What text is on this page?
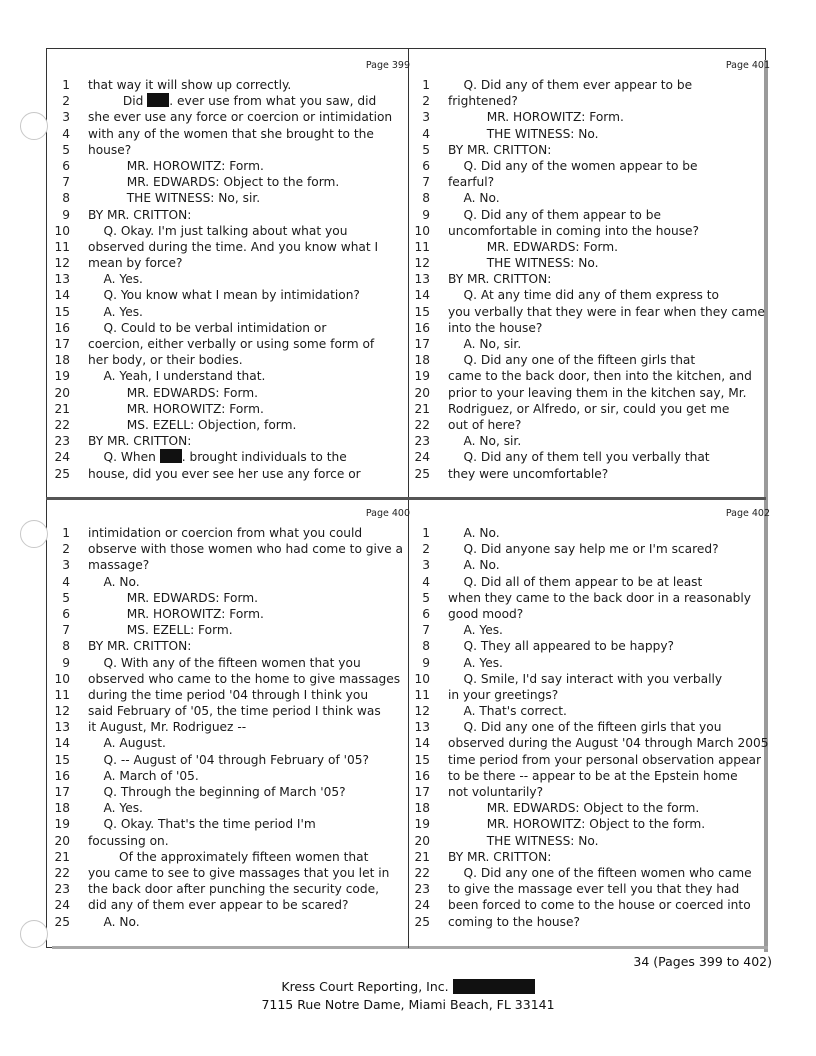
Page 399
1 that way it will show up correctly.
2 Did . ever use from what you saw, did
3 she ever use any force or coercion or intimidation
4 with any of the women that she brought to the
5 house?
6 MR. HOROWITZ: Form.
7 MR. EDWARDS: Object to the form.
8 THE WITNESS: No, sir.
9 BY MR. CRITTON:
10 Q. Okay. I'm just talking about what you
11 observed during the time. And you know what I
12 mean by force?
13 A. Yes.
14 Q. You know what I mean by intimidation?
15 A. Yes.
16 Q. Could to be verbal intimidation or
17 coercion, either verbally or using some form of
18 her body, or their bodies.
19 A. Yeah, I understand that.
20 MR. EDWARDS: Form.
21 MR. HOROWITZ: Form.
22 MS. EZELL: Objection, form.
23 BY MR. CRITTON:
24 Q. When . brought individuals to the
25 house, did you ever see her use any force or
Page 401
1 Q. Did any of them ever appear to be
2 frightened?
3 MR. HOROWITZ: Form.
4 THE WITNESS: No.
5 BY MR. CRITTON:
6 Q. Did any of the women appear to be
7 fearful?
8 A. No.
9 Q. Did any of them appear to be
10 uncomfortable in coming into the house?
11 MR. EDWARDS: Form.
12 THE WITNESS: No.
13 BY MR. CRITTON:
14 Q. At any time did any of them express to
15 you verbally that they were in fear when they came
16 into the house?
17 A. No, sir.
18 Q. Did any one of the fifteen girls that
19 came to the back door, then into the kitchen, and
20 prior to your leaving them in the kitchen say, Mr.
21 Rodriguez, or Alfredo, or sir, could you get me
22 out of here?
23 A. No, sir.
24 Q. Did any of them tell you verbally that
25 they were uncomfortable?
Page 400
1 intimidation or coercion from what you could
2 observe with those women who had come to give a
3 massage?
4 A. No.
5 MR. EDWARDS: Form.
6 MR. HOROWITZ: Form.
7 MS. EZELL: Form.
8 BY MR. CRITTON:
9 Q. With any of the fifteen women that you
10 observed who came to the home to give massages
11 during the time period '04 through I think you
12 said February of '05, the time period I think was
13 it August, Mr. Rodriguez --
14 A. August.
15 Q. -- August of '04 through February of '05?
16 A. March of '05.
17 Q. Through the beginning of March '05?
18 A. Yes.
19 Q. Okay. That's the time period I'm
20 focussing on.
21 Of the approximately fifteen women that
22 you came to see to give massages that you let in
23 the back door after punching the security code,
24 did any of them ever appear to be scared?
25 A. No.
Page 402
1 A. No.
2 Q. Did anyone say help me or I'm scared?
3 A. No.
4 Q. Did all of them appear to be at least
5 when they came to the back door in a reasonably
6 good mood?
7 A. Yes.
8 Q. They all appeared to be happy?
9 A. Yes.
10 Q. Smile, I'd say interact with you verbally
11 in your greetings?
12 A. That's correct.
13 Q. Did any one of the fifteen girls that you
14 observed during the August '04 through March 2005
15 time period from your personal observation appear
16 to be there -- appear to be at the Epstein home
17 not voluntarily?
18 MR. EDWARDS: Object to the form.
19 MR. HOROWITZ: Object to the form.
20 THE WITNESS: No.
21 BY MR. CRITTON:
22 Q. Did any one of the fifteen women who came
23 to give the massage ever tell you that they had
24 been forced to come to the house or coerced into
25 coming to the house?
34 (Pages 399 to 402)
Kress Court Reporting, Inc.
7115 Rue Notre Dame, Miami Beach, FL 33141
